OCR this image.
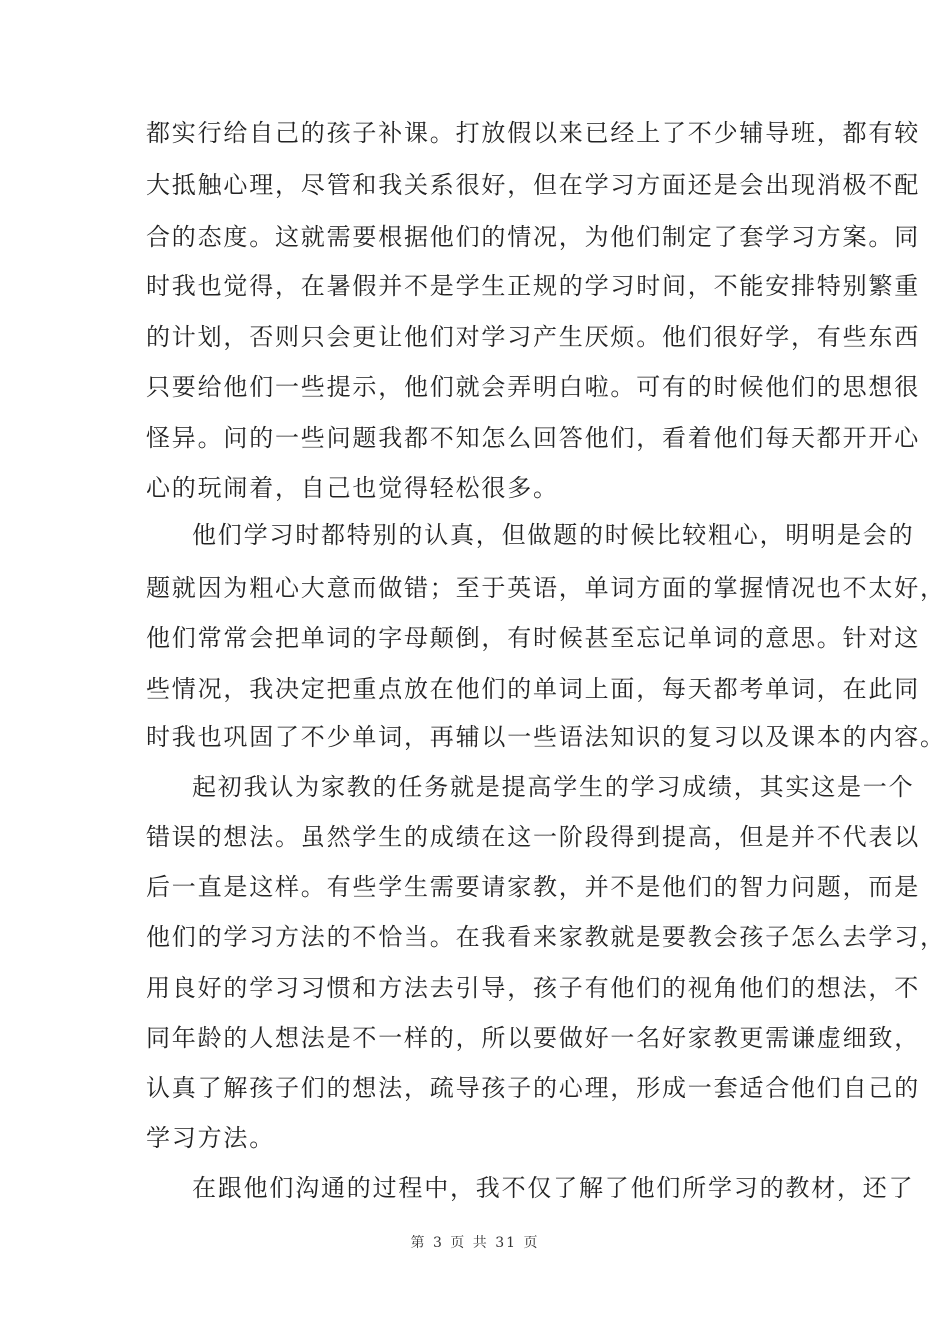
都实行给自己的孩子补课。打放假以来已经上了不少辅导班，都有较
大抵触心理，尽管和我关系很好，但在学习方面还是会出现消极不配
合的态度。这就需要根据他们的情况，为他们制定了套学习方案。同
时我也觉得，在暑假并不是学生正规的学习时间，不能安排特别繁重
的计划，否则只会更让他们对学习产生厌烦。他们很好学，有些东西
只要给他们一些提示，他们就会弄明白啦。可有的时候他们的思想很
怪异。问的一些问题我都不知怎么回答他们，看着他们每天都开开心
心的玩闹着，自己也觉得轻松很多。
他们学习时都特别的认真，但做题的时候比较粗心，明明是会的
题就因为粗心大意而做错；至于英语，单词方面的掌握情况也不太好，
他们常常会把单词的字母颠倒，有时候甚至忘记单词的意思。针对这
些情况，我决定把重点放在他们的单词上面，每天都考单词，在此同
时我也巩固了不少单词，再辅以一些语法知识的复习以及课本的内容。
起初我认为家教的任务就是提高学生的学习成绩，其实这是一个
错误的想法。虽然学生的成绩在这一阶段得到提高，但是并不代表以
后一直是这样。有些学生需要请家教，并不是他们的智力问题，而是
他们的学习方法的不恰当。在我看来家教就是要教会孩子怎么去学习，
用良好的学习习惯和方法去引导，孩子有他们的视角他们的想法，不
同年龄的人想法是不一样的，所以要做好一名好家教更需谦虚细致，
认真了解孩子们的想法，疏导孩子的心理，形成一套适合他们自己的
学习方法。
在跟他们沟通的过程中，我不仅了解了他们所学习的教材，还了
第 3 页 共 31 页
